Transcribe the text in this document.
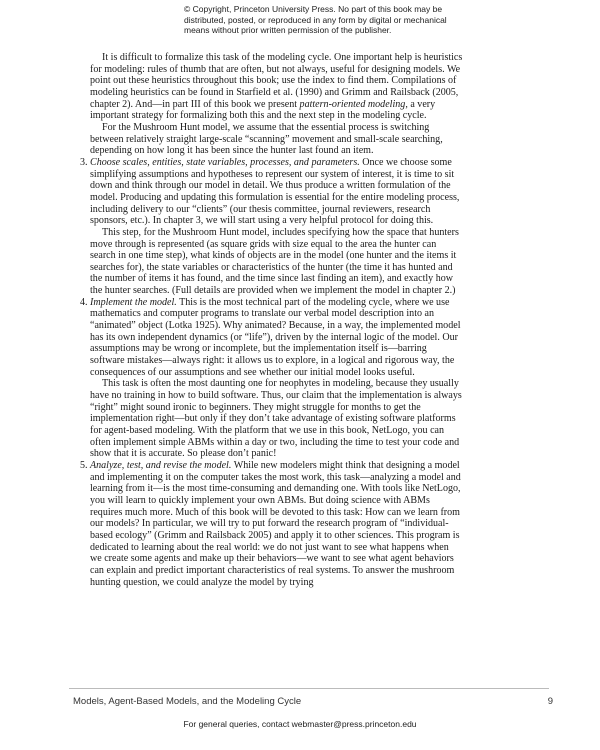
© Copyright, Princeton University Press. No part of this book may be distributed, posted, or reproduced in any form by digital or mechanical means without prior written permission of the publisher.

It is difficult to formalize this task of the modeling cycle. One important help is heuristics for modeling: rules of thumb that are often, but not always, useful for designing models. We point out these heuristics throughout this book; use the index to find them. Compilations of modeling heuristics can be found in Starfield et al. (1990) and Grimm and Railsback (2005, chapter 2). And—in part III of this book we present pattern-oriented modeling, a very important strategy for formalizing both this and the next step in the modeling cycle.

For the Mushroom Hunt model, we assume that the essential process is switching between relatively straight large-scale “scanning” movement and small-scale searching, depending on how long it has been since the hunter last found an item.

3. Choose scales, entities, state variables, processes, and parameters. Once we choose some simplifying assumptions and hypotheses to represent our system of interest, it is time to sit down and think through our model in detail. We thus produce a written formulation of the model. Producing and updating this formulation is essential for the entire modeling process, including delivery to our “clients” (our thesis committee, journal reviewers, research sponsors, etc.). In chapter 3, we will start using a very helpful protocol for doing this.

This step, for the Mushroom Hunt model, includes specifying how the space that hunters move through is represented (as square grids with size equal to the area the hunter can search in one time step), what kinds of objects are in the model (one hunter and the items it searches for), the state variables or characteristics of the hunter (the time it has hunted and the number of items it has found, and the time since last finding an item), and exactly how the hunter searches. (Full details are provided when we implement the model in chapter 2.)

4. Implement the model. This is the most technical part of the modeling cycle, where we use mathematics and computer programs to translate our verbal model description into an “animated” object (Lotka 1925). Why animated? Because, in a way, the implemented model has its own independent dynamics (or “life”), driven by the internal logic of the model. Our assumptions may be wrong or incomplete, but the implementation itself is—barring software mistakes—always right: it allows us to explore, in a logical and rigorous way, the consequences of our assumptions and see whether our initial model looks useful.

This task is often the most daunting one for neophytes in modeling, because they usually have no training in how to build software. Thus, our claim that the implementation is always “right” might sound ironic to beginners. They might struggle for months to get the implementation right—but only if they don’t take advantage of existing software platforms for agent-based modeling. With the platform that we use in this book, NetLogo, you can often implement simple ABMs within a day or two, including the time to test your code and show that it is accurate. So please don’t panic!

5. Analyze, test, and revise the model. While new modelers might think that designing a model and implementing it on the computer takes the most work, this task—analyzing a model and learning from it—is the most time-consuming and demanding one. With tools like NetLogo, you will learn to quickly implement your own ABMs. But doing science with ABMs requires much more. Much of this book will be devoted to this task: How can we learn from our models? In particular, we will try to put forward the research program of “individual-based ecology” (Grimm and Railsback 2005) and apply it to other sciences. This program is dedicated to learning about the real world: we do not just want to see what happens when we create some agents and make up their behaviors—we want to see what agent behaviors can explain and predict important characteristics of real systems. To answer the mushroom hunting question, we could analyze the model by trying

Models, Agent-Based Models, and the Modeling Cycle	9
For general queries, contact webmaster@press.princeton.edu
